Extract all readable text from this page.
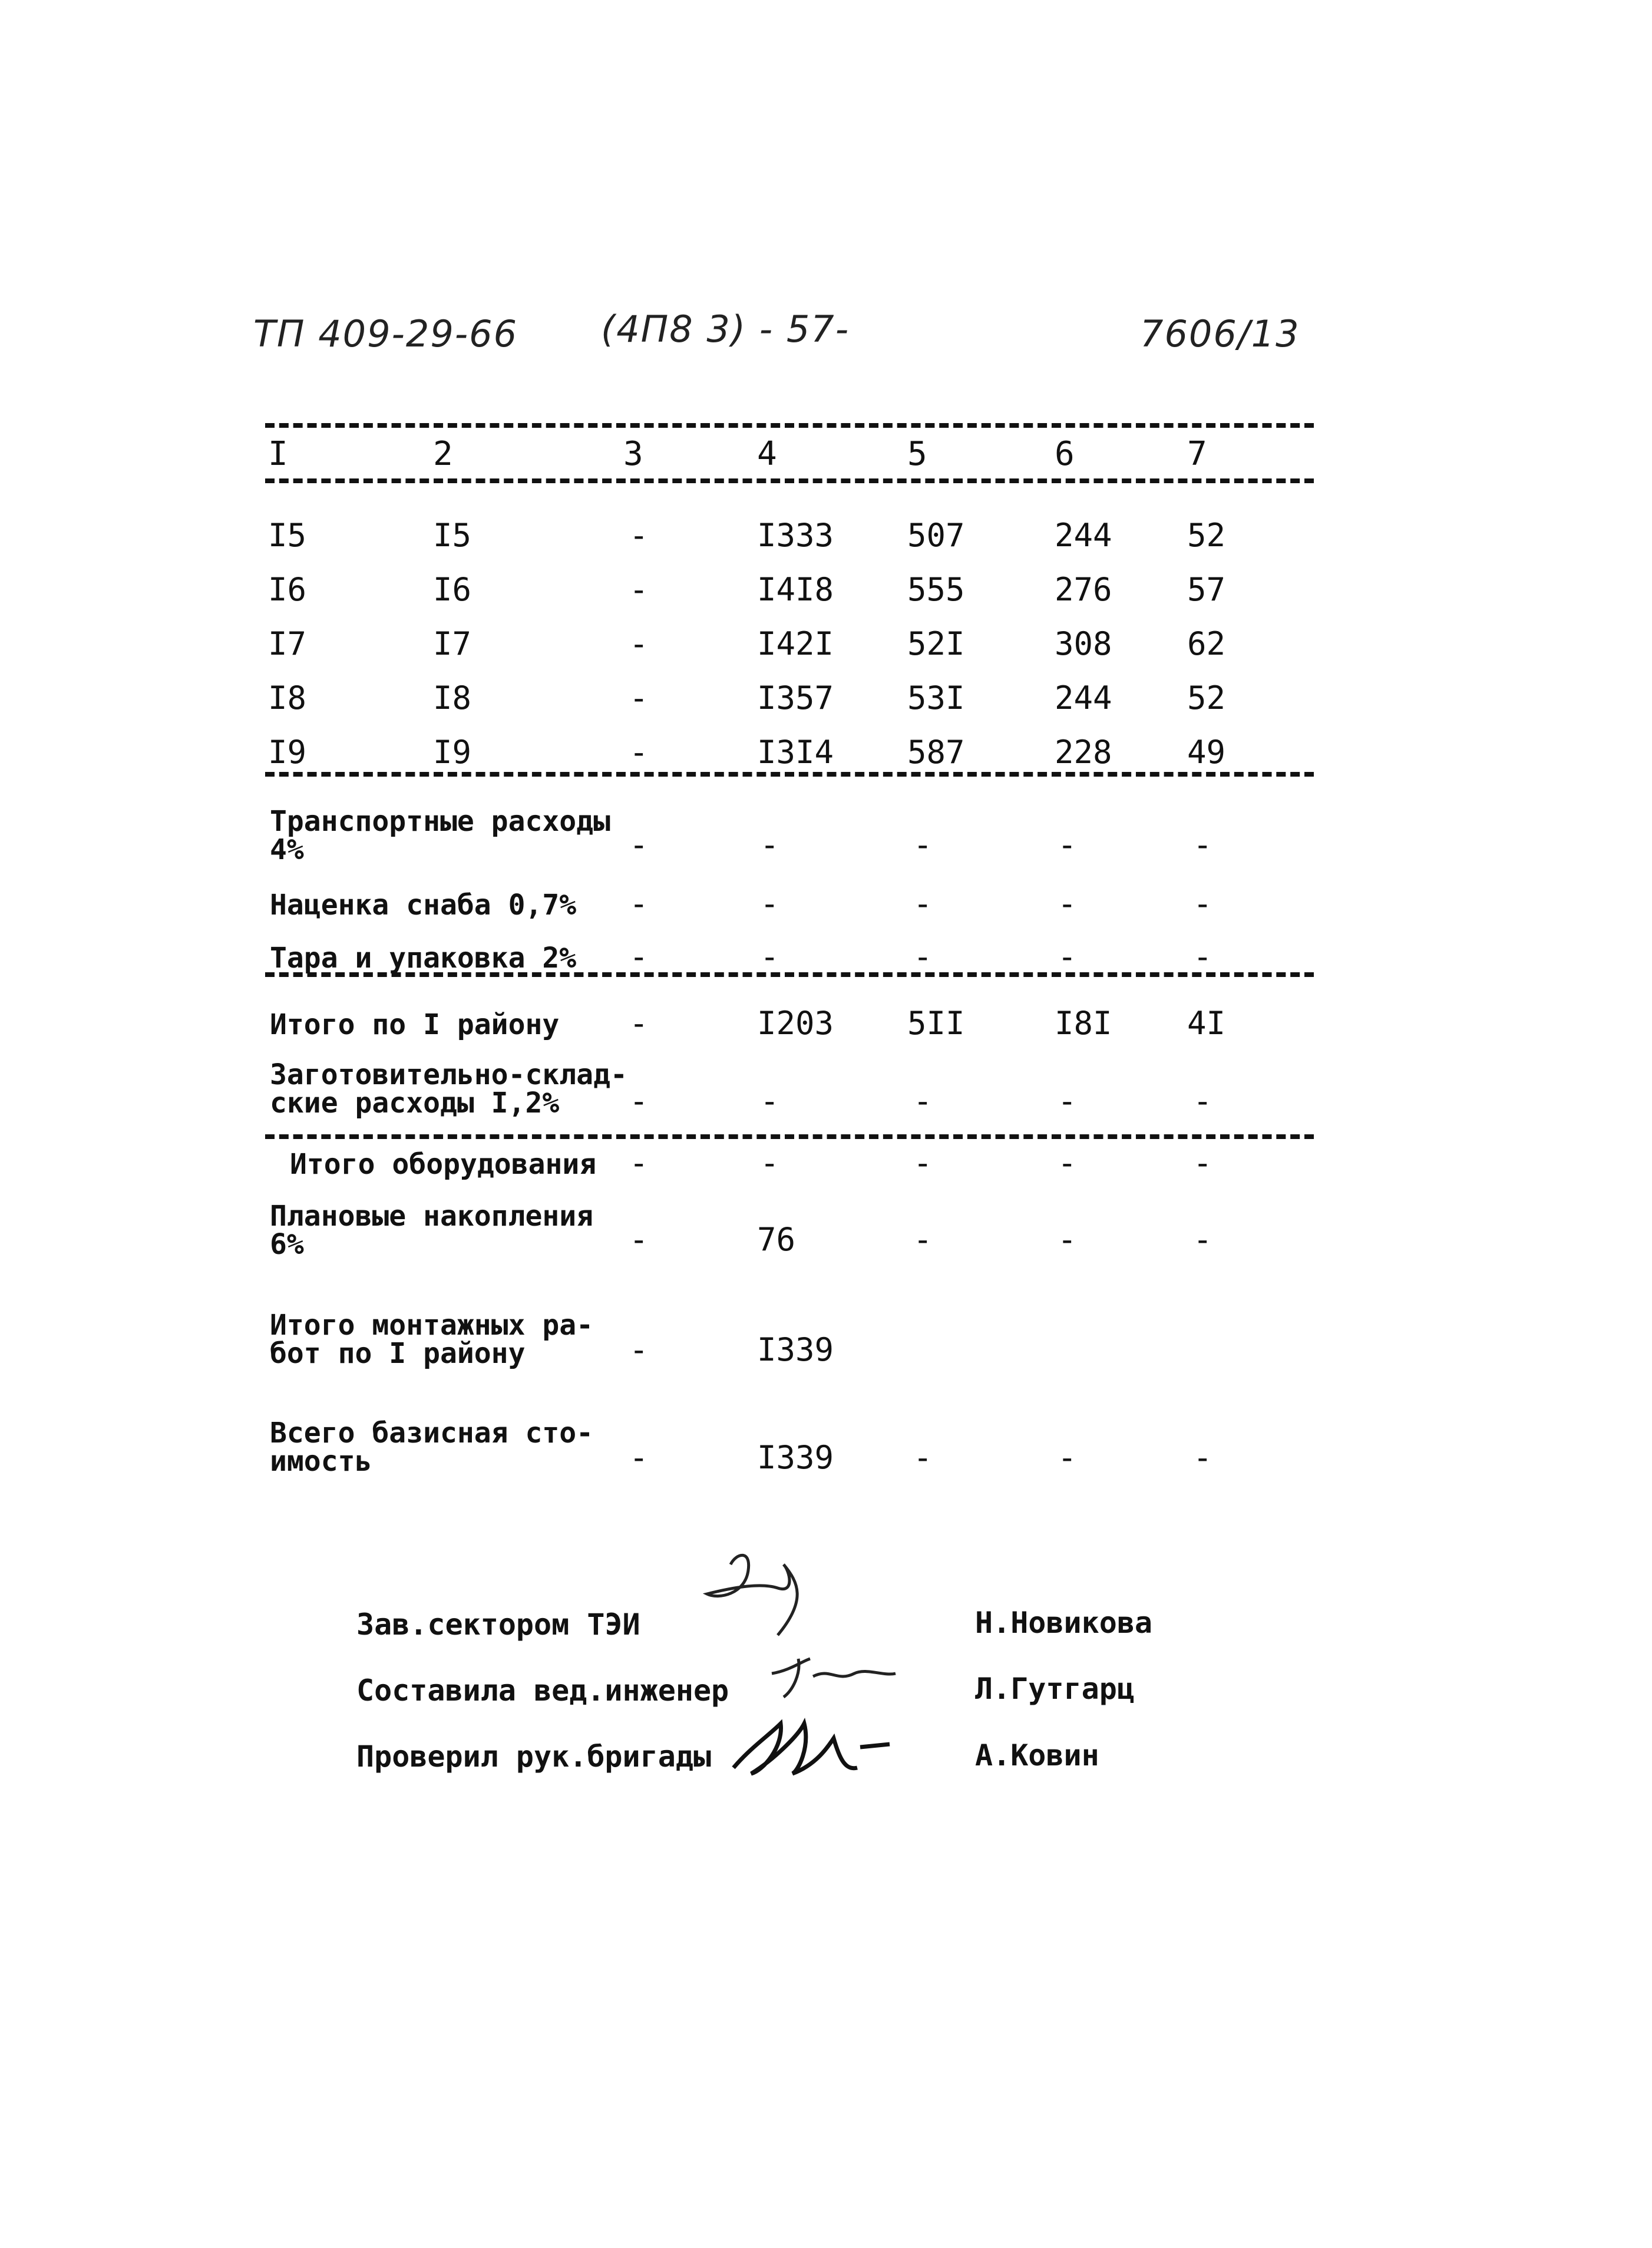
ТП 409-29-66 (4П8 3) - 57-	7606/13
I	2	3	4	5	6	7
I5	I5	-	I333 507	244 52
I6	I6	-	I4I8 555	276 57
I7	I7	-	I42I 52I	308 62
I8	I8	-	I357 53I	244 52
I9	I9	-	I3I4 587	228 49
Транспортные расходы
4%	-	-	-	-	-
Наценка снаба 0,7%	-	-	-	-	-
Тара и упаковка 2%	-	-	-	-	-
Итого по I району	-	I203 5II	I8I 4I
Заготовительно-склад-
ские расходы I,2%	-	-	-	-	-
Итого оборудования	-	-	-	-	-
Плановые накопления
6%	-	76	-	-	-
Итого монтажных ра-
бот по I району	-	I339
Всего базисная сто-
имость	-	I339 -	-	-
Зав.сектором ТЭИ	Н.Новикова
Составила вед.инженер	Л.Гутгарц
Проверил рук.бригады	А.Ковин
